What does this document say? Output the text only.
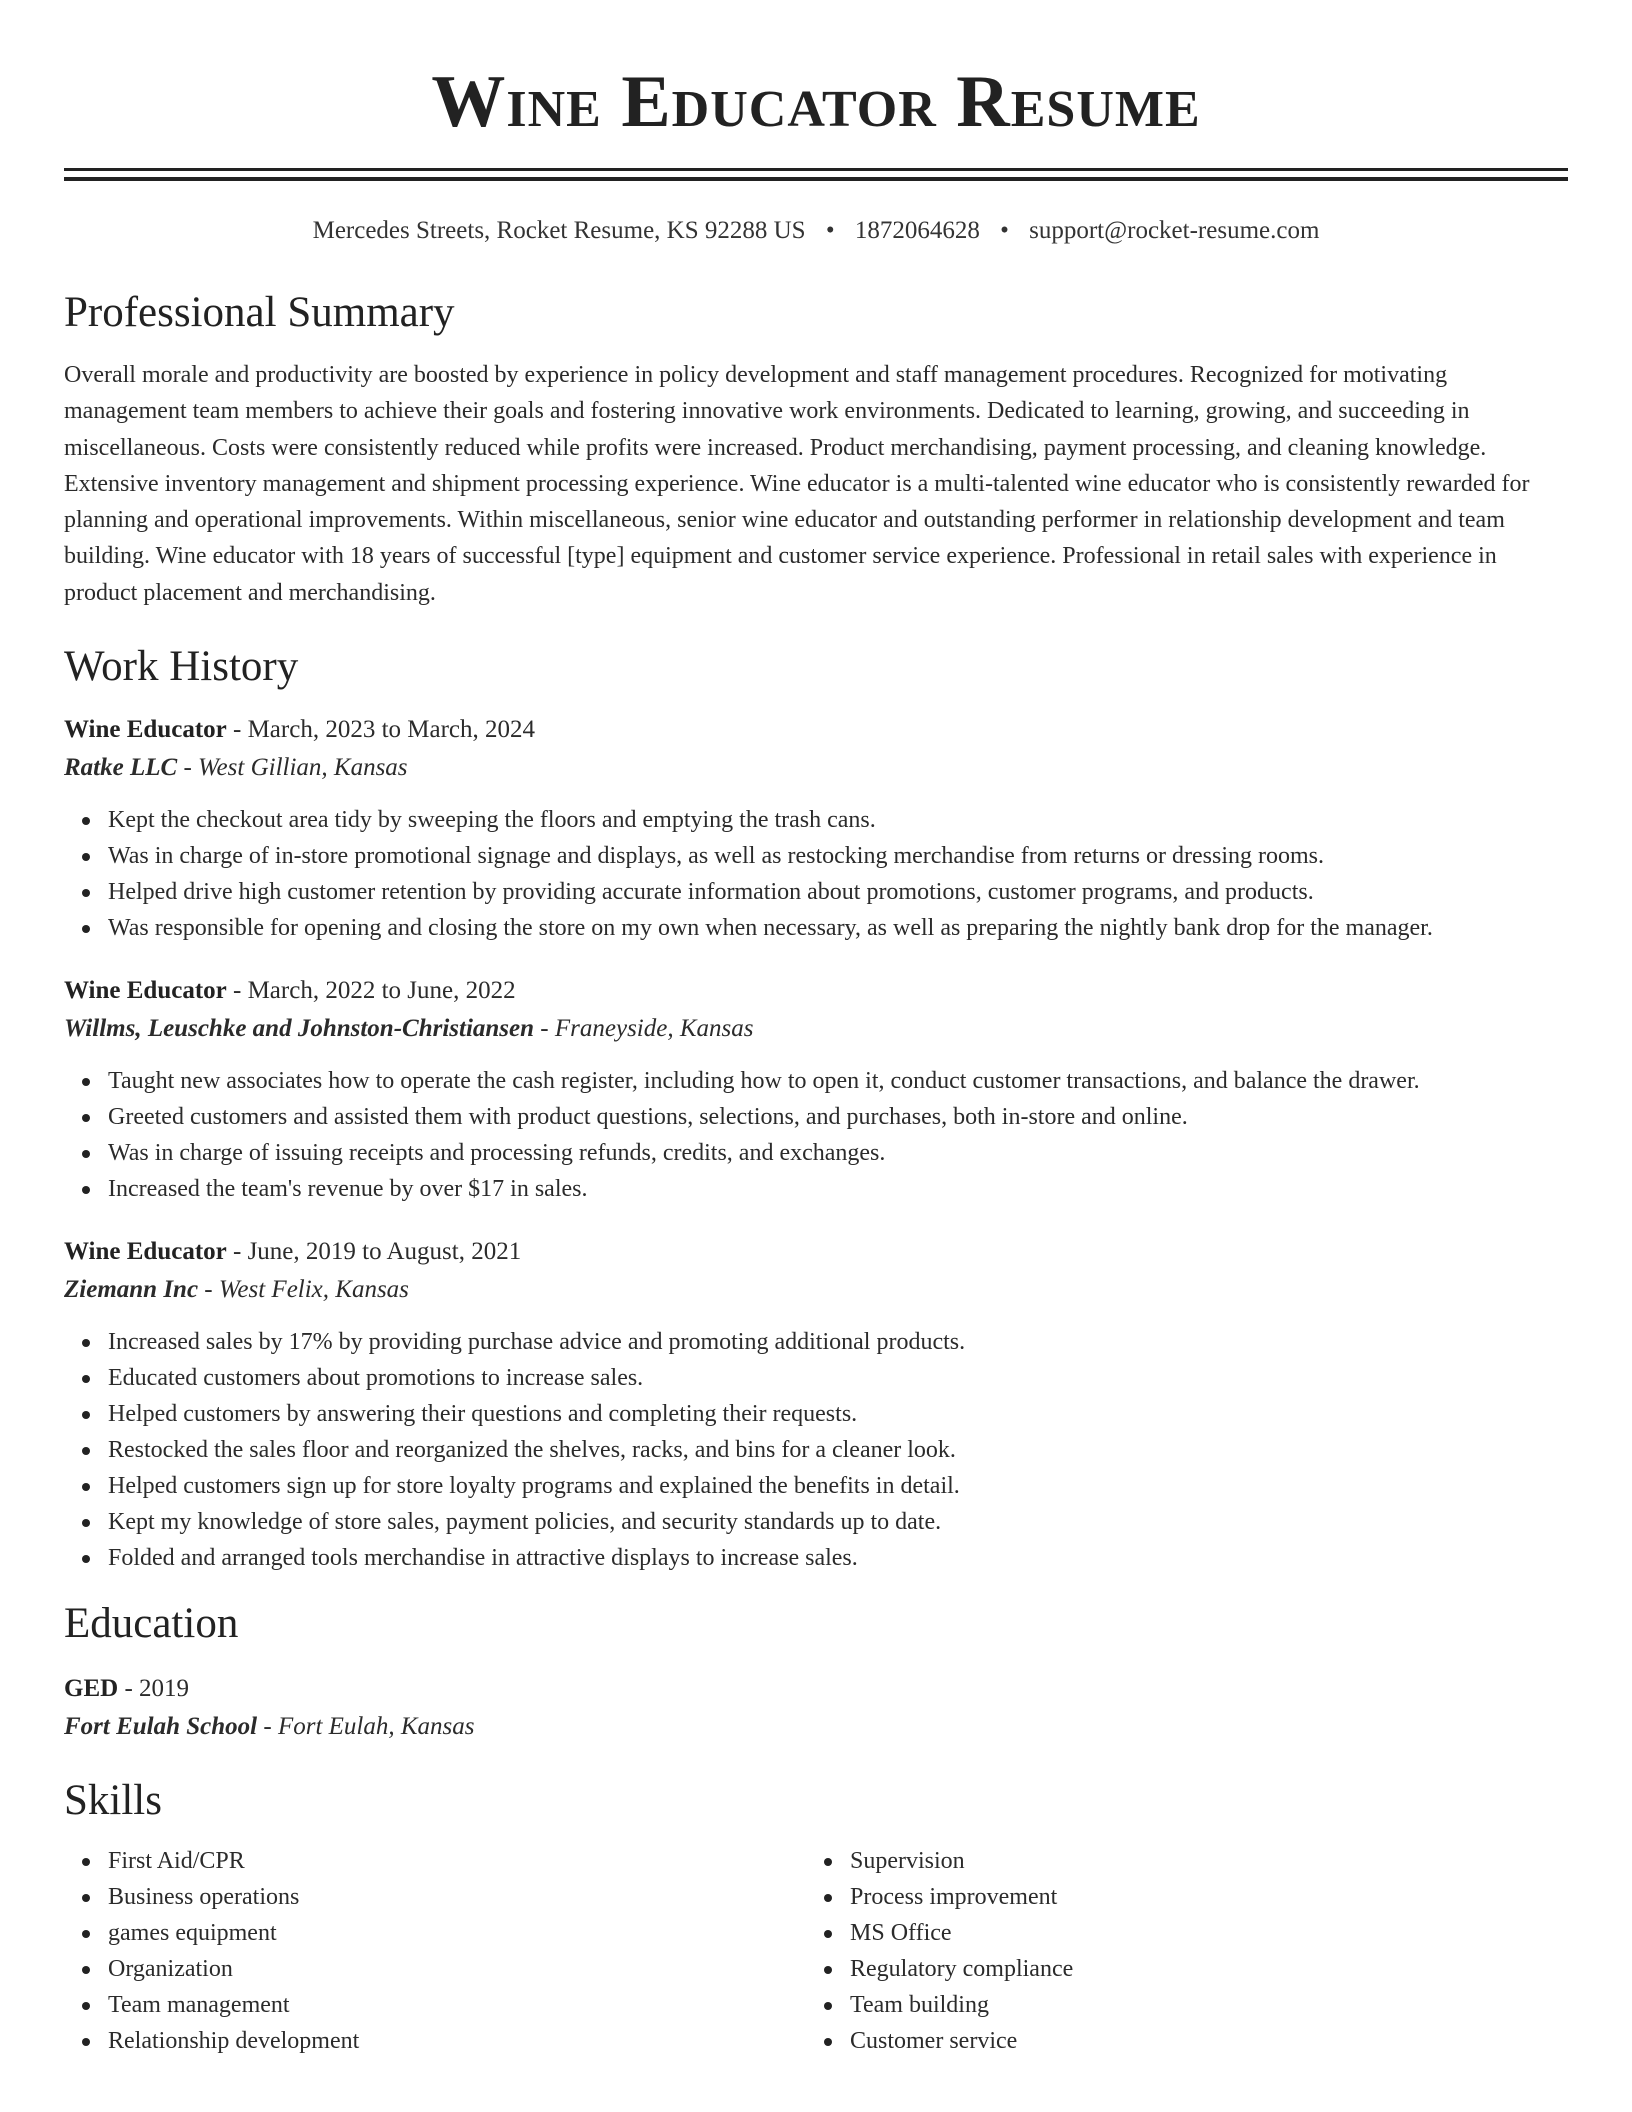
Wine Educator Resume
Mercedes Streets, Rocket Resume, KS 92288 US • 1872064628 • support@rocket-resume.com
Professional Summary

Overall morale and productivity are boosted by experience in policy development and staff management procedures. Recognized for motivating management team members to achieve their goals and fostering innovative work environments. Dedicated to learning, growing, and succeeding in miscellaneous. Costs were consistently reduced while profits were increased. Product merchandising, payment processing, and cleaning knowledge. Extensive inventory management and shipment processing experience. Wine educator is a multi-talented wine educator who is consistently rewarded for planning and operational improvements. Within miscellaneous, senior wine educator and outstanding performer in relationship development and team building. Wine educator with 18 years of successful [type] equipment and customer service experience. Professional in retail sales with experience in product placement and merchandising.

Work History
Wine Educator - March, 2023 to March, 2024
Ratke LLC - West Gillian, Kansas
Kept the checkout area tidy by sweeping the floors and emptying the trash cans.
Was in charge of in-store promotional signage and displays, as well as restocking merchandise from returns or dressing rooms.
Helped drive high customer retention by providing accurate information about promotions, customer programs, and products.
Was responsible for opening and closing the store on my own when necessary, as well as preparing the nightly bank drop for the manager.
Wine Educator - March, 2022 to June, 2022
Willms, Leuschke and Johnston-Christiansen - Franeyside, Kansas
Taught new associates how to operate the cash register, including how to open it, conduct customer transactions, and balance the drawer.
Greeted customers and assisted them with product questions, selections, and purchases, both in-store and online.
Was in charge of issuing receipts and processing refunds, credits, and exchanges.
Increased the team's revenue by over $17 in sales.
Wine Educator - June, 2019 to August, 2021
Ziemann Inc - West Felix, Kansas
Increased sales by 17% by providing purchase advice and promoting additional products.
Educated customers about promotions to increase sales.
Helped customers by answering their questions and completing their requests.
Restocked the sales floor and reorganized the shelves, racks, and bins for a cleaner look.
Helped customers sign up for store loyalty programs and explained the benefits in detail.
Kept my knowledge of store sales, payment policies, and security standards up to date.
Folded and arranged tools merchandise in attractive displays to increase sales.
Education
GED - 2019
Fort Eulah School - Fort Eulah, Kansas
Skills
First Aid/CPR
Business operations
games equipment
Organization
Team management
Relationship development
Supervision
Process improvement
MS Office
Regulatory compliance
Team building
Customer service
